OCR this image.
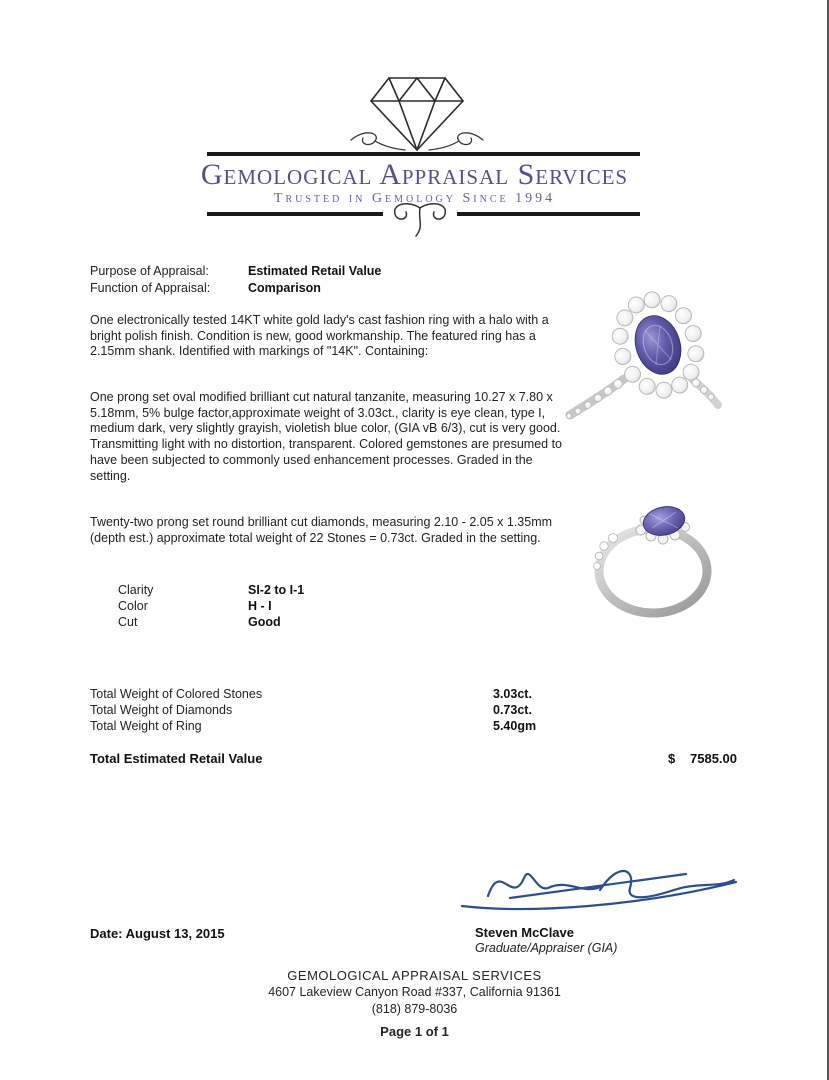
Gemological Appraisal Services
Trusted in Gemology Since 1994
Purpose of Appraisal:	Estimated Retail Value
Function of Appraisal:	Comparison
One electronically tested 14KT white gold lady's cast fashion ring with a halo with a bright polish finish. Condition is new, good workmanship. The featured ring has a 2.15mm shank. Identified with markings of "14K". Containing:
One prong set oval modified brilliant cut natural tanzanite, measuring 10.27 x 7.80 x 5.18mm, 5% bulge factor,approximate weight of 3.03ct., clarity is eye clean, type I, medium dark, very slightly grayish, violetish blue color, (GIA vB 6/3), cut is very good. Transmitting light with no distortion, transparent. Colored gemstones are presumed to have been subjected to commonly used enhancement processes. Graded in the setting.
Twenty-two prong set round brilliant cut diamonds, measuring 2.10 - 2.05 x 1.35mm (depth est.) approximate total weight of 22 Stones = 0.73ct. Graded in the setting.
Clarity	SI-2 to I-1
Color	H - I
Cut	Good
Total Weight of Colored Stones	3.03ct.
Total Weight of Diamonds	0.73ct.
Total Weight of Ring	5.40gm
Total Estimated Retail Value	$ 7585.00
Steven McClave
Graduate/Appraiser (GIA)
Date: August 13, 2015
GEMOLOGICAL APPRAISAL SERVICES
4607 Lakeview Canyon Road #337, California 91361
(818) 879-8036
Page 1 of 1
